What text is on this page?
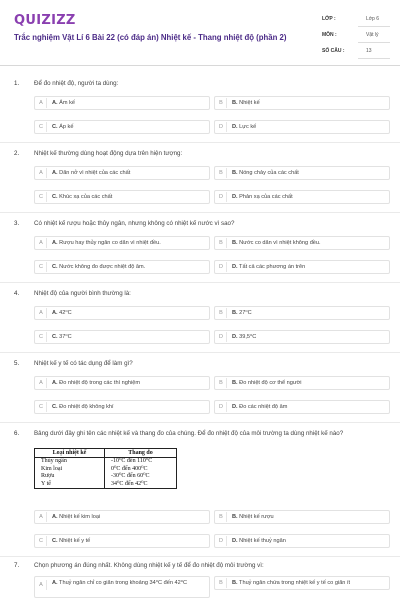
QUIZIZZ
Trắc nghiệm Vật Lí 6 Bài 22 (có đáp án) Nhiệt kế - Thang nhiệt độ (phần 2)
LỚP :	Lớp 6
MÔN :	Vật lý
SỐ CÂU :	13
1. Để đo nhiệt độ, người ta dùng:
A	A. Ẩm kế	B	B. Nhiệt kế
C	C. Áp kế	D	D. Lực kế
2. Nhiệt kế thường dùng hoạt động dựa trên hiện tượng:
A	A. Dãn nở vì nhiệt của các chất	B	B. Nóng chảy của các chất
C	C. Khúc xạ của các chất	D	D. Phản xạ của các chất
3. Có nhiệt kế rượu hoặc thủy ngân, nhưng không có nhiệt kế nước vì sao?
A	A. Rượu hay thủy ngân co dãn vì nhiệt đều.	B	B. Nước co dãn vì nhiệt không đều.
C	C. Nước không đo được nhiệt độ âm.	D	D. Tất cả các phương án trên
4. Nhiệt độ của người bình thường là:
A	A. 42⁰C	B	B. 27⁰C
C	C. 37⁰C	D	D. 39,5⁰C
5. Nhiệt kế y tế có tác dụng để làm gì?
A	A. Đo nhiệt độ trong các thí nghiệm	B	B. Đo nhiệt độ cơ thể người
C	C. Đo nhiệt độ không khí	D	D. Đo các nhiệt độ âm
6. Bảng dưới đây ghi tên các nhiệt kế và thang đo của chúng. Để đo nhiệt độ của môi trường ta dùng nhiệt kế nào?
Loại nhiệt kế	Thang đo
Thủy ngân	-10⁰C đến 110⁰C
Kim loại	0⁰C đến 400⁰C
Rượu	-30⁰C đến 60⁰C
Y tế	34⁰C đến 42⁰C
A	A. Nhiệt kế kim loại	B	B. Nhiệt kế rượu
C	C. Nhiệt kế y tế	D	D. Nhiệt kế thuỷ ngân
7. Chọn phương án đúng nhất. Không dùng nhiệt kế y tế để đo nhiệt độ môi trường vì:
A	A. Thuỷ ngân chỉ co giãn trong khoảng 34⁰C đến 42⁰C	B	B. Thuỷ ngân chứa trong nhiệt kế y tế co giãn ít
